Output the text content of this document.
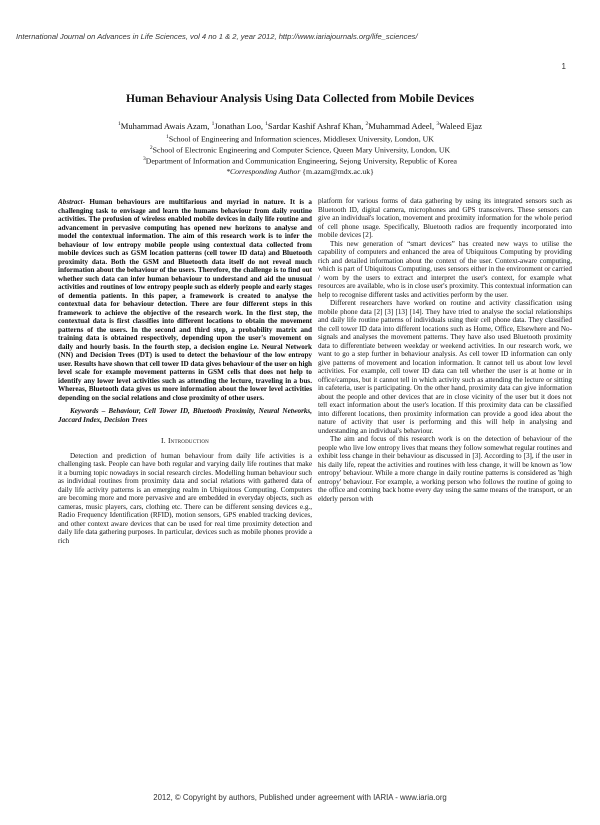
International Journal on Advances in Life Sciences, vol 4 no 1 & 2, year 2012, http://www.iariajournals.org/life_sciences/
1
Human Behaviour Analysis Using Data Collected from Mobile Devices
$^1$Muhammad Awais Azam, $^1$Jonathan Loo, $^1$Sardar Kashif Ashraf Khan, $^2$Muhammad Adeel, $^3$Waleed Ejaz
$^1$School of Engineering and Information sciences, Middlesex University, London, UK
$^2$School of Electronic Engineering and Computer Science, Queen Mary University, London, UK
$^3$Department of Information and Communication Engineering, Sejong University, Republic of Korea
*Corresponding Author {m.azam@mdx.ac.uk}

Abstract- Human behaviours are multifarious and myriad in nature. It is a challenging task to envisage and learn the humans behaviour from daily routine activities. The profusion of wireless enabled mobile devices in daily life routine and advancement in pervasive computing has opened new horizons to analyse and model the contextual information. The aim of this research work is to infer the behaviour of low entropy mobile people using contextual data collected from mobile devices such as GSM location patterns (cell tower ID data) and Bluetooth proximity data. Both the GSM and Bluetooth data itself do not reveal much information about the behaviour of the users. Therefore, the challenge is to find out whether such data can infer human behaviour to understand and aid the unusual activities and routines of low entropy people such as elderly people and early stages of dementia patients. In this paper, a framework is created to analyse the contextual data for behaviour detection. There are four different steps in this framework to achieve the objective of the research work. In the first step, the contextual data is first classifies into different locations to obtain the movement patterns of the users. In the second and third step, a probability matrix and training data is obtained respectively, depending upon the user's movement on daily and hourly basis. In the fourth step, a decision engine i.e. Neural Network (NN) and Decision Trees (DT) is used to detect the behaviour of the low entropy user. Results have shown that cell tower ID data gives behaviour of the user on high level scale for example movement patterns in GSM cells that does not help to identify any lower level activities such as attending the lecture, traveling in a bus. Whereas, Bluetooth data gives us more information about the lower level activities depending on the social relations and close proximity of other users.

Keywords – Behaviour, Cell Tower ID, Bluetooth Proximity, Neural Networks, Jaccard Index, Decision Trees

I. Introduction

Detection and prediction of human behaviour from daily life activities is a challenging task. People can have both regular and varying daily life routines that make it a burning topic nowadays in social research circles. Modelling human behaviour such as individual routines from proximity data and social relations with gathered data of daily life activity patterns is an emerging realm in Ubiquitous Computing. Computers are becoming more and more pervasive and are embedded in everyday objects, such as cameras, music players, cars, clothing etc. There can be different sensing devices e.g., Radio Frequency Identification (RFID), motion sensors, GPS enabled tracking devices, and other context aware devices that can be used for real time proximity detection and daily life data gathering purposes. In particular, devices such as mobile phones provide a rich

platform for various forms of data gathering by using its integrated sensors such as Bluetooth ID, digital camera, microphones and GPS transceivers. These sensors can give an individual's location, movement and proximity information for the whole period of cell phone usage. Specifically, Bluetooth radios are frequently incorporated into mobile devices [2].

This new generation of “smart devices” has created new ways to utilise the capability of computers and enhanced the area of Ubiquitous Computing by providing rich and detailed information about the context of the user. Context-aware computing, which is part of Ubiquitous Computing, uses sensors either in the environment or carried / worn by the users to extract and interpret the user's context, for example what resources are available, who is in close user's proximity. This contextual information can help to recognise different tasks and activities perform by the user.

Different researchers have worked on routine and activity classification using mobile phone data [2] [3] [13] [14]. They have tried to analyse the social relationships and daily life routine patterns of individuals using their cell phone data. They classified the cell tower ID data into different locations such as Home, Office, Elsewhere and No-signals and analyses the movement patterns. They have also used Bluetooth proximity data to differentiate between weekday or weekend activities. In our research work, we want to go a step further in behaviour analysis. As cell tower ID information can only give patterns of movement and location information. It cannot tell us about low level activities. For example, cell tower ID data can tell whether the user is at home or in office/campus, but it cannot tell in which activity such as attending the lecture or sitting in cafeteria, user is participating. On the other hand, proximity data can give information about the people and other devices that are in close vicinity of the user but it does not tell exact information about the user's location. If this proximity data can be classified into different locations, then proximity information can provide a good idea about the nature of activity that user is performing and this will help in analysing and understanding an individual's behaviour.

The aim and focus of this research work is on the detection of behaviour of the people who live low entropy lives that means they follow somewhat regular routines and exhibit less change in their behaviour as discussed in [3]. According to [3], if the user in his daily life, repeat the activities and routines with less change, it will be known as 'low entropy' behaviour. While a more change in daily routine patterns is considered as 'high entropy' behaviour. For example, a working person who follows the routine of going to the office and coming back home every day using the same means of the transport, or an elderly person with

2012, © Copyright by authors, Published under agreement with IARIA - www.iaria.org
